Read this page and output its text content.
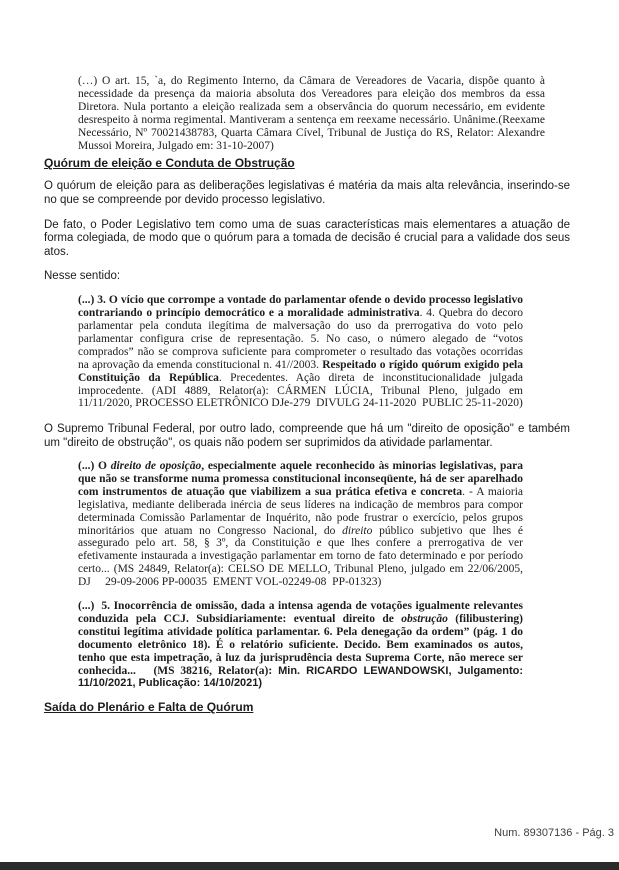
(…) O art. 15, `a, do Regimento Interno, da Câmara de Vereadores de Vacaria, dispõe quanto à necessidade da presença da maioria absoluta dos Vereadores para eleição dos membros da essa Diretora. Nula portanto a eleição realizada sem a observância do quorum necessário, em evidente desrespeito à norma regimental. Mantiveram a sentença em reexame necessário. Unânime.(Reexame Necessário, Nº 70021438783, Quarta Câmara Cível, Tribunal de Justiça do RS, Relator: Alexandre Mussoi Moreira, Julgado em: 31-10-2007)

Quórum de eleição e Conduta de Obstrução

O quórum de eleição para as deliberações legislativas é matéria da mais alta relevância, inserindo-se no que se compreende por devido processo legislativo.

De fato, o Poder Legislativo tem como uma de suas características mais elementares a atuação de forma colegiada, de modo que o quórum para a tomada de decisão é crucial para a validade dos seus atos.

Nesse sentido:

(...) 3. O vício que corrompe a vontade do parlamentar ofende o devido processo legislativo contrariando o princípio democrático e a moralidade administrativa. 4. Quebra do decoro parlamentar pela conduta ilegítima de malversação do uso da prerrogativa do voto pelo parlamentar configura crise de representação. 5. No caso, o número alegado de “votos comprados” não se comprova suficiente para comprometer o resultado das votações ocorridas na aprovação da emenda constitucional n. 41//2003. Respeitado o rígido quórum exigido pela Constituição da República. Precedentes. Ação direta de inconstitucionalidade julgada improcedente. (ADI 4889, Relator(a): CÁRMEN LÚCIA, Tribunal Pleno, julgado em 11/11/2020, PROCESSO ELETRÔNICO DJe-279  DIVULG 24-11-2020  PUBLIC 25-11-2020)

O Supremo Tribunal Federal, por outro lado, compreende que há um "direito de oposição" e também um "direito de obstrução", os quais não podem ser suprimidos da atividade parlamentar.

(...) O direito de oposição, especialmente aquele reconhecido às minorias legislativas, para que não se transforme numa promessa constitucional inconseqüente, há de ser aparelhado com instrumentos de atuação que viabilizem a sua prática efetiva e concreta. - A maioria legislativa, mediante deliberada inércia de seus líderes na indicação de membros para compor determinada Comissão Parlamentar de Inquérito, não pode frustrar o exercício, pelos grupos minoritários que atuam no Congresso Nacional, do direito público subjetivo que lhes é assegurado pelo art. 58, § 3º, da Constituição e que lhes confere a prerrogativa de ver efetivamente instaurada a investigação parlamentar em torno de fato determinado e por período certo... (MS 24849, Relator(a): CELSO DE MELLO, Tribunal Pleno, julgado em 22/06/2005, DJ     29-09-2006 PP-00035  EMENT VOL-02249-08  PP-01323)

(...)  5. Inocorrência de omissão, dada a intensa agenda de votações igualmente relevantes conduzida pela CCJ. Subsidiariamente: eventual direito de obstrução (filibustering) constitui legítima atividade política parlamentar. 6. Pela denegação da ordem” (pág. 1 do documento eletrônico 18). É o relatório suficiente. Decido. Bem examinados os autos, tenho que esta impetração, à luz da jurisprudência desta Suprema Corte, não merece ser conhecida...   (MS 38216, Relator(a): Min. RICARDO LEWANDOWSKI, Julgamento: 11/10/2021, Publicação: 14/10/2021)

Saída do Plenário e Falta de Quórum
Num. 89307136 - Pág. 3
